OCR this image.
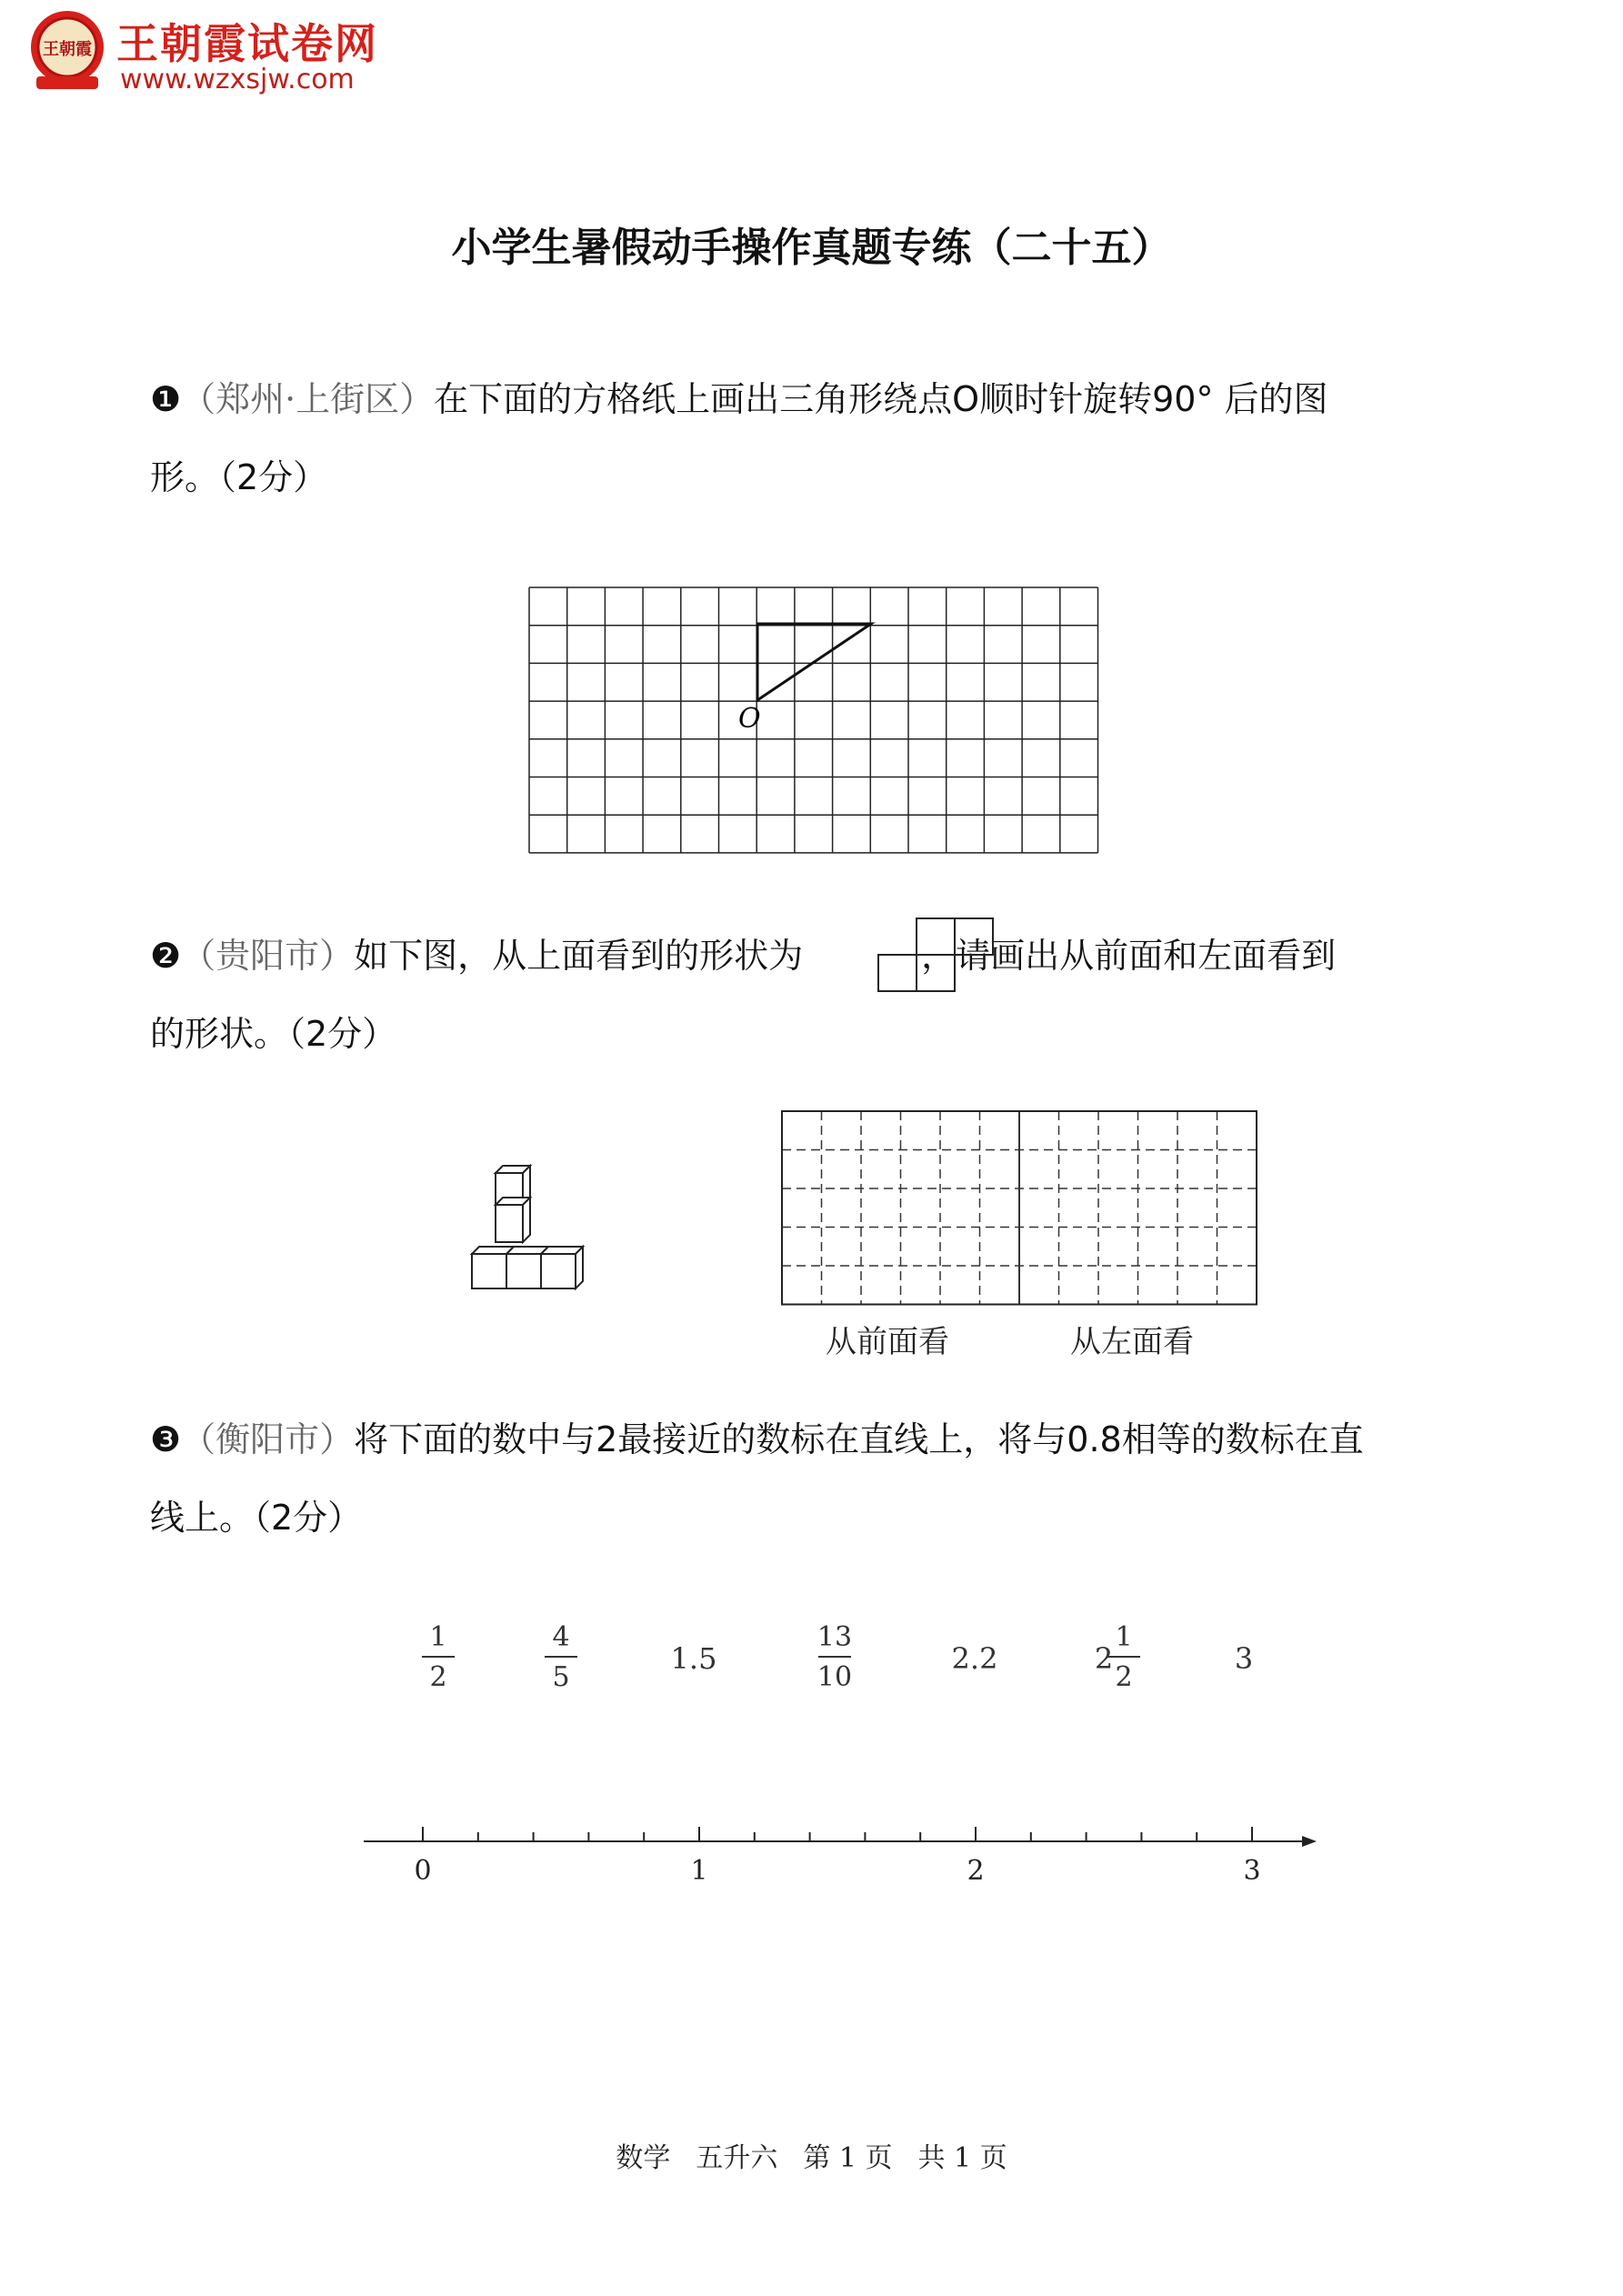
王朝霞 王朝霞试卷网
www.wzxsjw.com
小学生暑假动手操作真题专练（二十五）
❶（郑州·上街区）在下面的方格纸上画出三角形绕点O顺时针旋转90° 后的图
形。（2分）
O
❷（贵阳市）如下图，从上面看到的形状为	，请画出从前面和左面看到
的形状。（2分）
从前面看	从左面看
❸（衡阳市）将下面的数中与2最接近的数标在直线上，将与0.8相等的数标在直
线上。（2分）
1
2
4
5
1.5
13
10
2.2	2
1
2
3
0	1	2	3
数学 五升六 第 1 页 共 1 页
